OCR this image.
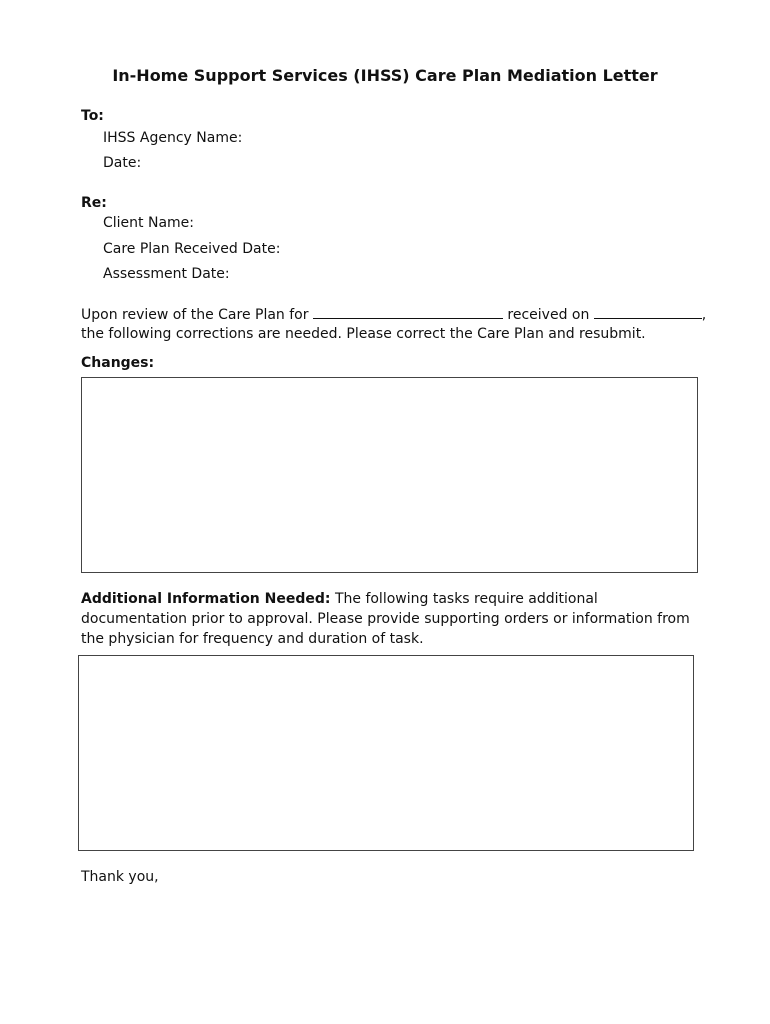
In-Home Support Services (IHSS) Care Plan Mediation Letter
To:
IHSS Agency Name:
Date:
Re:
Client Name:
Care Plan Received Date:
Assessment Date:
Upon review of the Care Plan for	received on	,
the following corrections are needed. Please correct the Care Plan and resubmit.
Changes:
Additional Information Needed: The following tasks require additional documentation prior to approval. Please provide supporting orders or information from the physician for frequency and duration of task.
Thank you,
